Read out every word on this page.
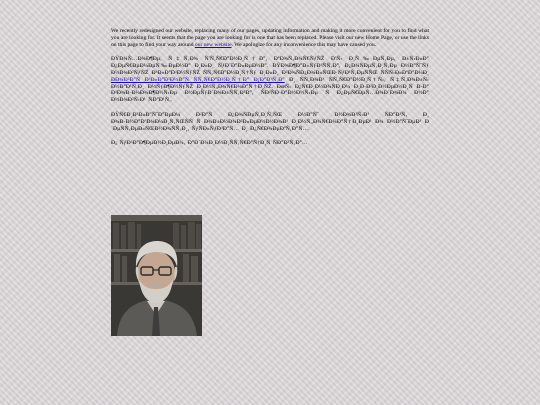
We recently redesigned our website, replacing many of our pages, updating information and making it more convenient for you to find what you are looking for. It seems that the page you are looking for is one that has been replaced. Please visit our new Home Page, or use the links on this page to find your way around our new website. We apologize for any inconvenience this may have caused you.

ÐŸÐ¾Ñ…Ð¾Ð¶Ðµ, Ñ‡Ñ‚Ð¾ Ñ'Ñ‚Ñ€Ð°Ð½Ð¸Ñ†Ð°, ÐºÐ¾Ñ‚Ð¾Ñ€ÑƒÑŽ Ð'Ñ‹ Ð¸Ñ‰ÐµÑ‚Ðµ, Ð±Ñ‹Ð»Ð° Ð¿ÐµÑ€ÐµÐ¼ÐµÑ‰ÐµÐ½Ð° Ð¸Ð»Ð¸ ÑƒÐ´Ð°Ð»ÐµÐ½Ð°. ÐŸÐ¾Ð¶Ð°Ð»ÑƒÐ¹ÑÑ‚Ð°, Ð¿Ð¾ÑÐµÑ‚Ð¸Ñ‚Ðµ Ð½Ð°ÑˆÑƒ Ð½Ð¾Ð²ÑƒÑŽ Ð³Ð»Ð°Ð²Ð½ÑƒÑŽ ÑÑ‚Ñ€Ð°Ð½Ð¸Ñ†Ñƒ Ð¸Ð»Ð¸ Ð²Ð¾ÑÐ¿Ð¾Ð»ÑŒÐ·ÑƒÐ¹Ñ‚ÐµÑÑŒ ÑÑÑ‹Ð»ÐºÐ°Ð¼Ð¸ ÐÐ¾Ð²Ð°Ñ Ð³Ð»Ð°Ð²Ð½Ð°Ñ ÑÑ‚Ñ€Ð°Ð½Ð¸Ñ†Ð° Ð¡Ð°Ð¹Ñ‚Ð° Ð¸ ÑÑ‚Ð¾Ð¹ ÑÑ‚Ñ€Ð°Ð½Ð¸Ñ†Ñ‹, Ñ‡Ñ‚Ð¾Ð±Ñ‹ Ð½Ð°Ð¹Ñ‚Ð¸ Ð½ÑƒÐ¶Ð½ÑƒÑŽ Ð¸Ð½Ñ„Ð¾Ñ€Ð¼Ð°Ñ†Ð¸ÑŽ. ÐœÑ‹ Ð¿Ñ€Ð¸Ð½Ð¾ÑÐ¸Ð¼ Ð¸Ð·Ð²Ð¸Ð½ÐµÐ½Ð¸Ñ Ð·Ð° Ð²Ð¾Ð·Ð¼Ð¾Ð¶Ð½Ñ‹Ðµ Ð½ÐµÑƒÐ´Ð¾Ð±ÑÑ‚Ð²Ð°, ÑÐ²ÑÐ·Ð°Ð½Ð½Ñ‹Ðµ Ñ Ð¿ÐµÑ€ÐµÑ…Ð¾Ð´Ð¾Ð¼ Ð½Ð° Ð½Ð¾Ð²Ñ‹Ð¹ ÑÐ°Ð¹Ñ‚.

ÐŸÑ€Ð¸Ð³Ð»Ð°ÑˆÐ°ÐµÐ¼ Ð²Ð°Ñ Ð¿Ð¾ÑÐµÑ‚Ð¸Ñ‚ÑŒ Ð½Ð°Ñˆ Ð½Ð¾Ð²Ñ‹Ð¹ ÑÐ°Ð¹Ñ‚ Ð¸ Ð¾Ð·Ð½Ð°ÐºÐ¾Ð¼Ð¸Ñ‚ÑŒÑÑ Ñ Ð¾Ð±Ð½Ð¾Ð²Ð»ÐµÐ½Ð½Ð¾Ð¹ Ð¸Ð½Ñ„Ð¾Ñ€Ð¼Ð°Ñ†Ð¸ÐµÐ¹ Ð¾ Ð½Ð°ÑˆÐµÐ¹ Ð´ÐµÑÑ‚ÐµÐ»ÑŒÐ½Ð¾ÑÑ‚Ð¸, ÑƒÑÐ»ÑƒÐ³Ð°Ñ… Ð¸ Ð¿Ñ€Ð¾ÐµÐºÑ‚Ð°Ñ….

Ð¡ ÑƒÐ²Ð°Ð¶ÐµÐ½Ð¸ÐµÐ¼, Ð°Ð´Ð¼Ð¸Ð½Ð¸ÑÑ‚Ñ€Ð°Ñ†Ð¸Ñ ÑÐ°Ð¹Ñ‚Ð°…
